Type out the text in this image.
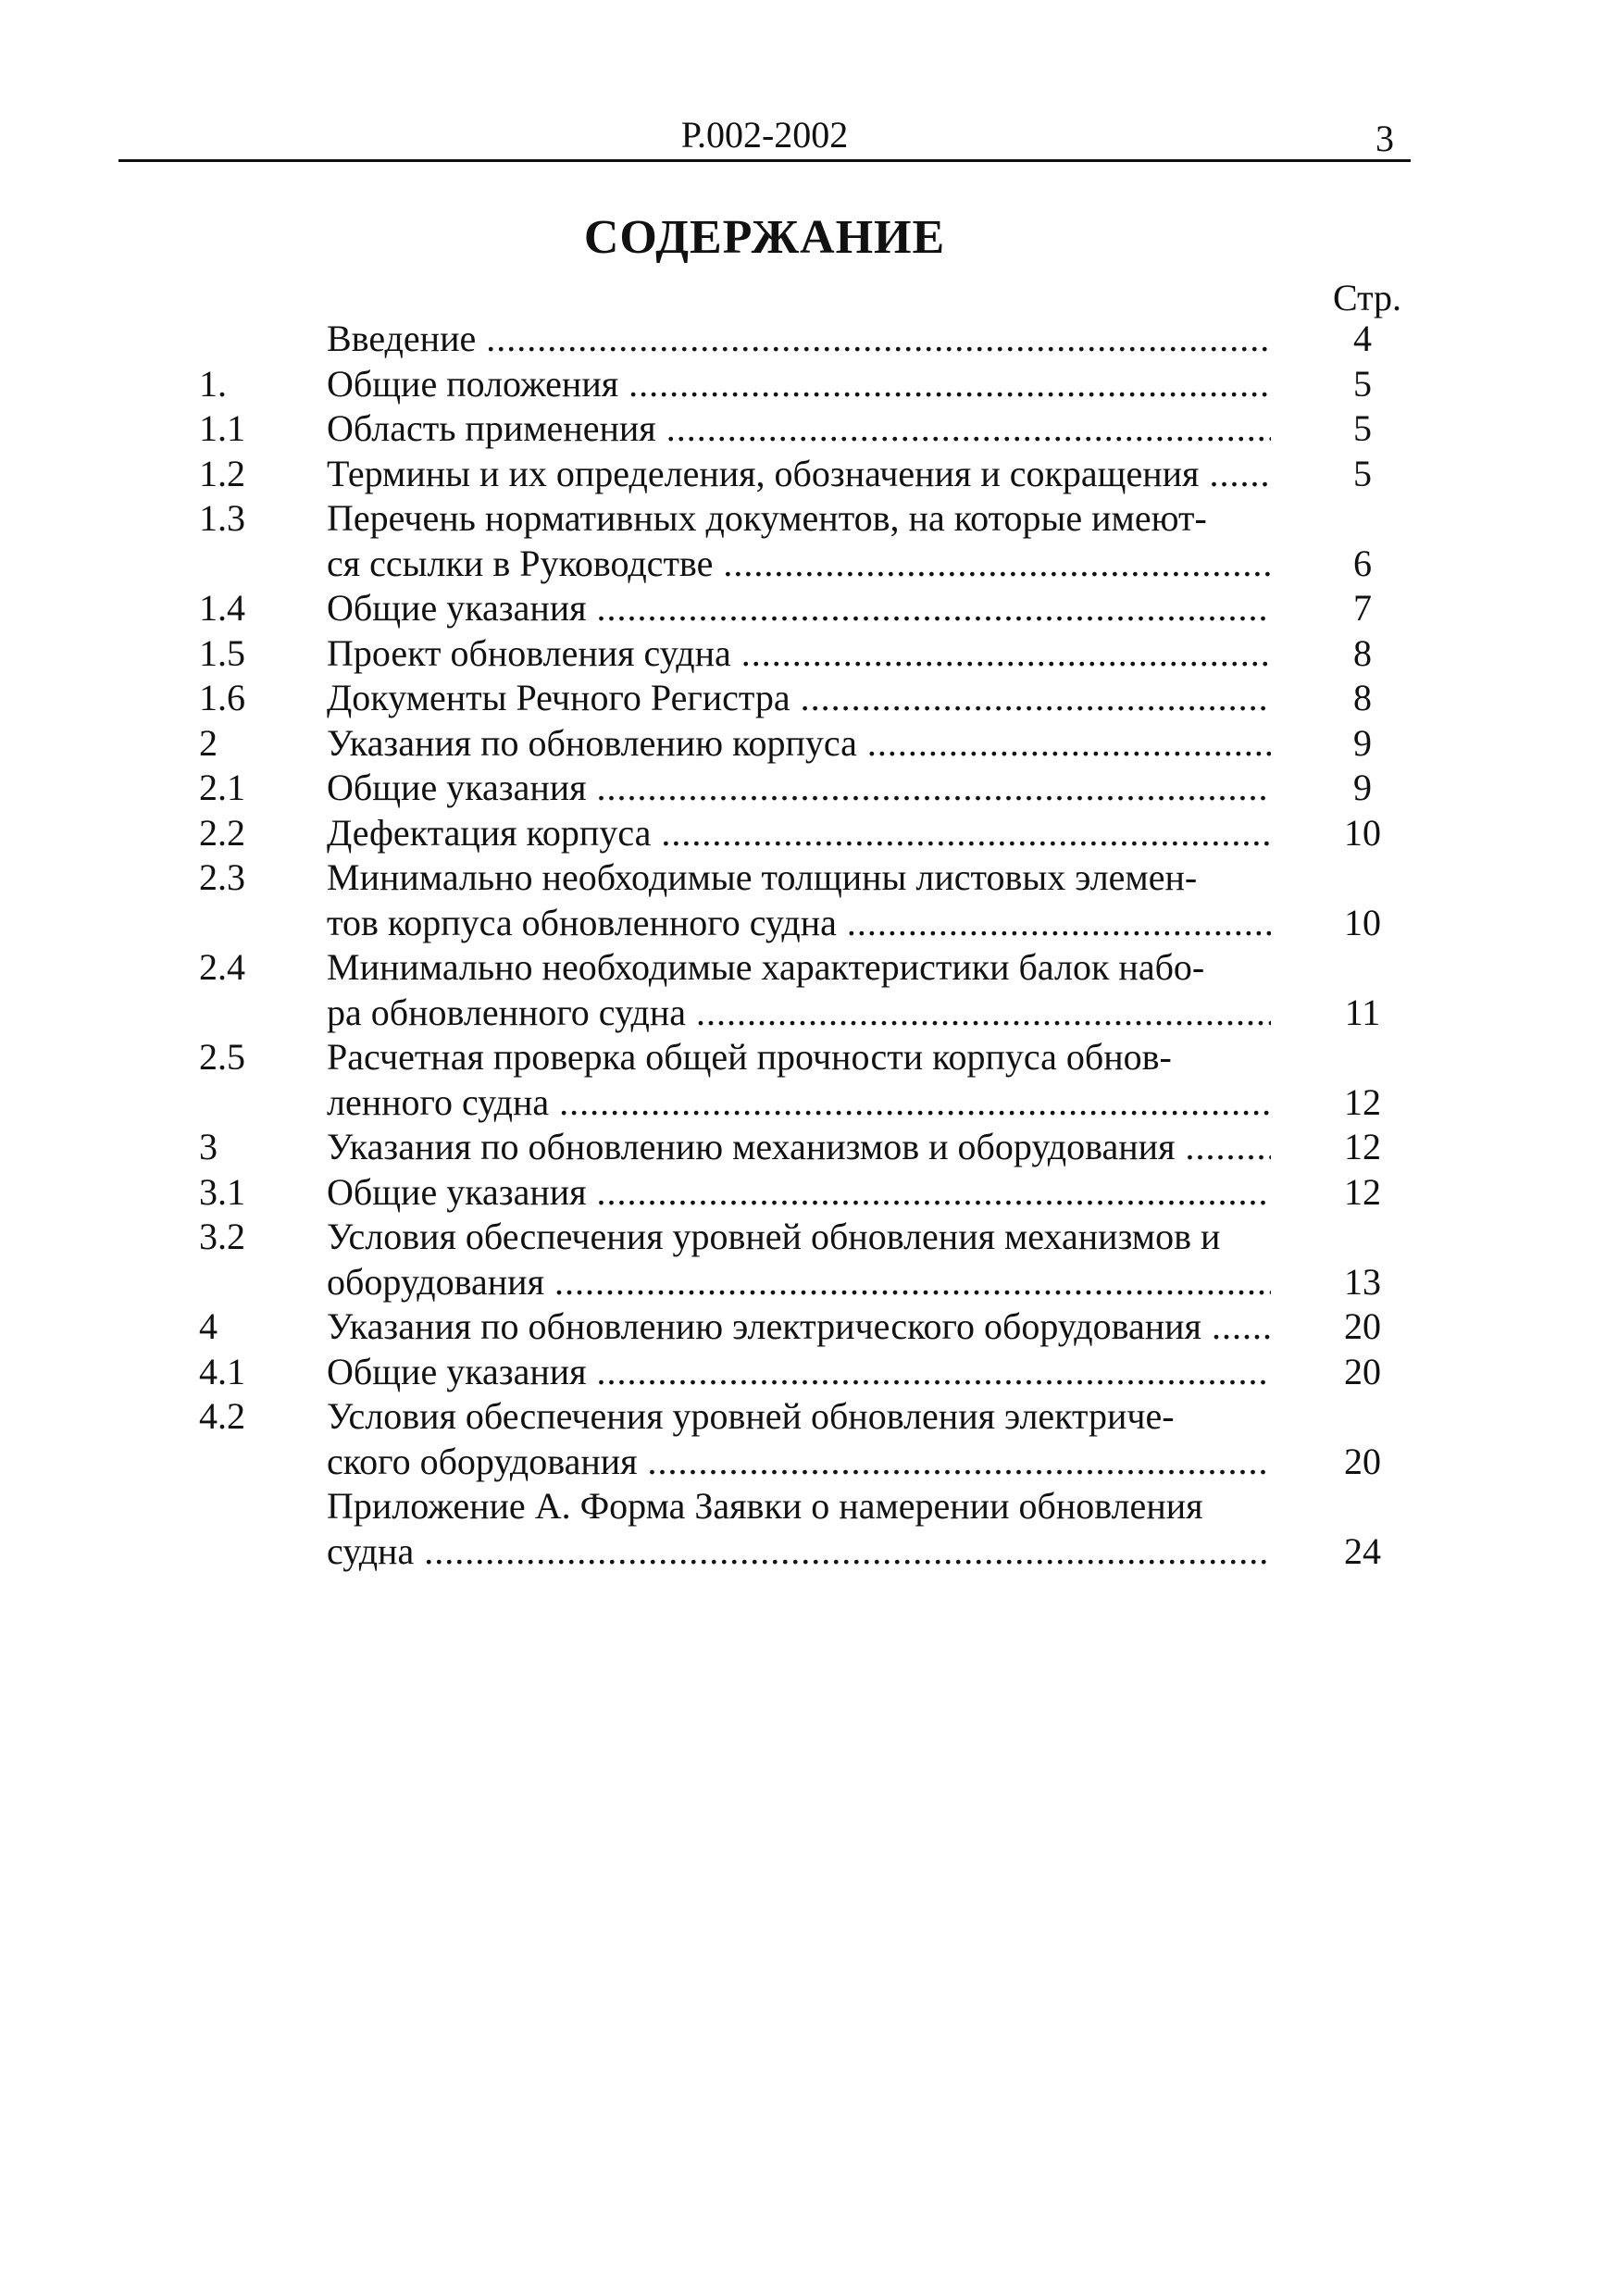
Р.002-2002	3
СОДЕРЖАНИЕ
Стр.
Введение .....	4
1.	Общие положения .....	5
1.1	Область применения .....	5
1.2	Термины и их определения, обозначения и сокращения .....	5
1.3	Перечень нормативных документов, на которые имеют-
ся ссылки в Руководстве .....	6
1.4	Общие указания .....	7
1.5	Проект обновления судна .....	8
1.6	Документы Речного Регистра .....	8
2	Указания по обновлению корпуса .....	9
2.1	Общие указания .....	9
2.2	Дефектация корпуса .....	10
2.3	Минимально необходимые толщины листовых элемен-
тов корпуса обновленного судна .....	10
2.4	Минимально необходимые характеристики балок набо-
ра обновленного судна .....	11
2.5	Расчетная проверка общей прочности корпуса обнов-
ленного судна .....	12
3	Указания по обновлению механизмов и оборудования .....	12
3.1	Общие указания .....	12
3.2	Условия обеспечения уровней обновления механизмов и
оборудования .....	13
4	Указания по обновлению электрического оборудования .....	20
4.1	Общие указания .....	20
4.2	Условия обеспечения уровней обновления электриче-
ского оборудования .....	20
Приложение А. Форма Заявки о намерении обновления
судна .....	24
